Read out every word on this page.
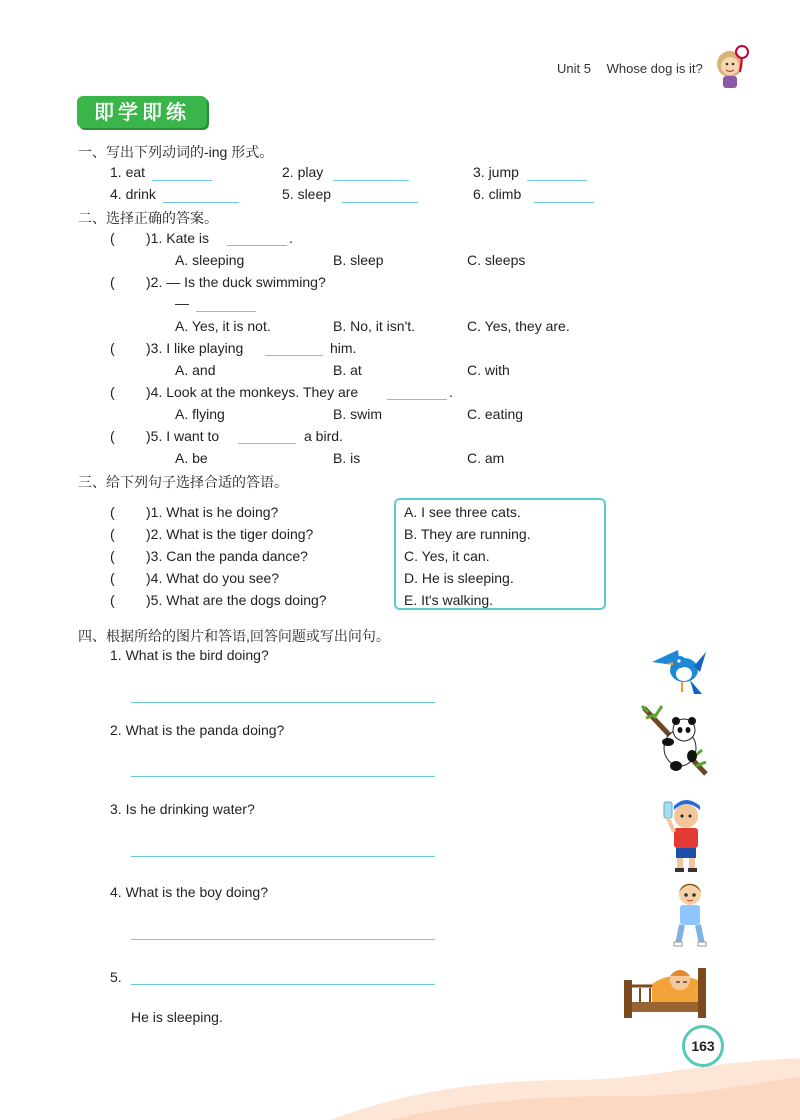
Unit 5 Whose dog is it?
即学即练
一、写出下列动词的-ing 形式。
1. eat	2. play	3. jump
4. drink	5. sleep	6. climb
二、选择正确的答案。
( )1. Kate is	.
A. sleeping	B. sleep	C. sleeps
( )2. — Is the duck swimming?
—
A. Yes, it is not.	B. No, it isn't.	C. Yes, they are.
( )3. I like playing	him.
A. and	B. at	C. with
( )4. Look at the monkeys. They are	.
A. flying	B. swim	C. eating
( )5. I want to	a bird.
A. be	B. is	C. am
三、给下列句子选择合适的答语。
( )1. What is he doing?
( )2. What is the tiger doing?
( )3. Can the panda dance?
( )4. What do you see?
( )5. What are the dogs doing?
A. I see three cats.
B. They are running.
C. Yes, it can.
D. He is sleeping.
E. It's walking.
四、根据所给的图片和答语,回答问题或写出问句。
1. What is the bird doing?
2. What is the panda doing?
3. Is he drinking water?
4. What is the boy doing?
5.
He is sleeping.
163
